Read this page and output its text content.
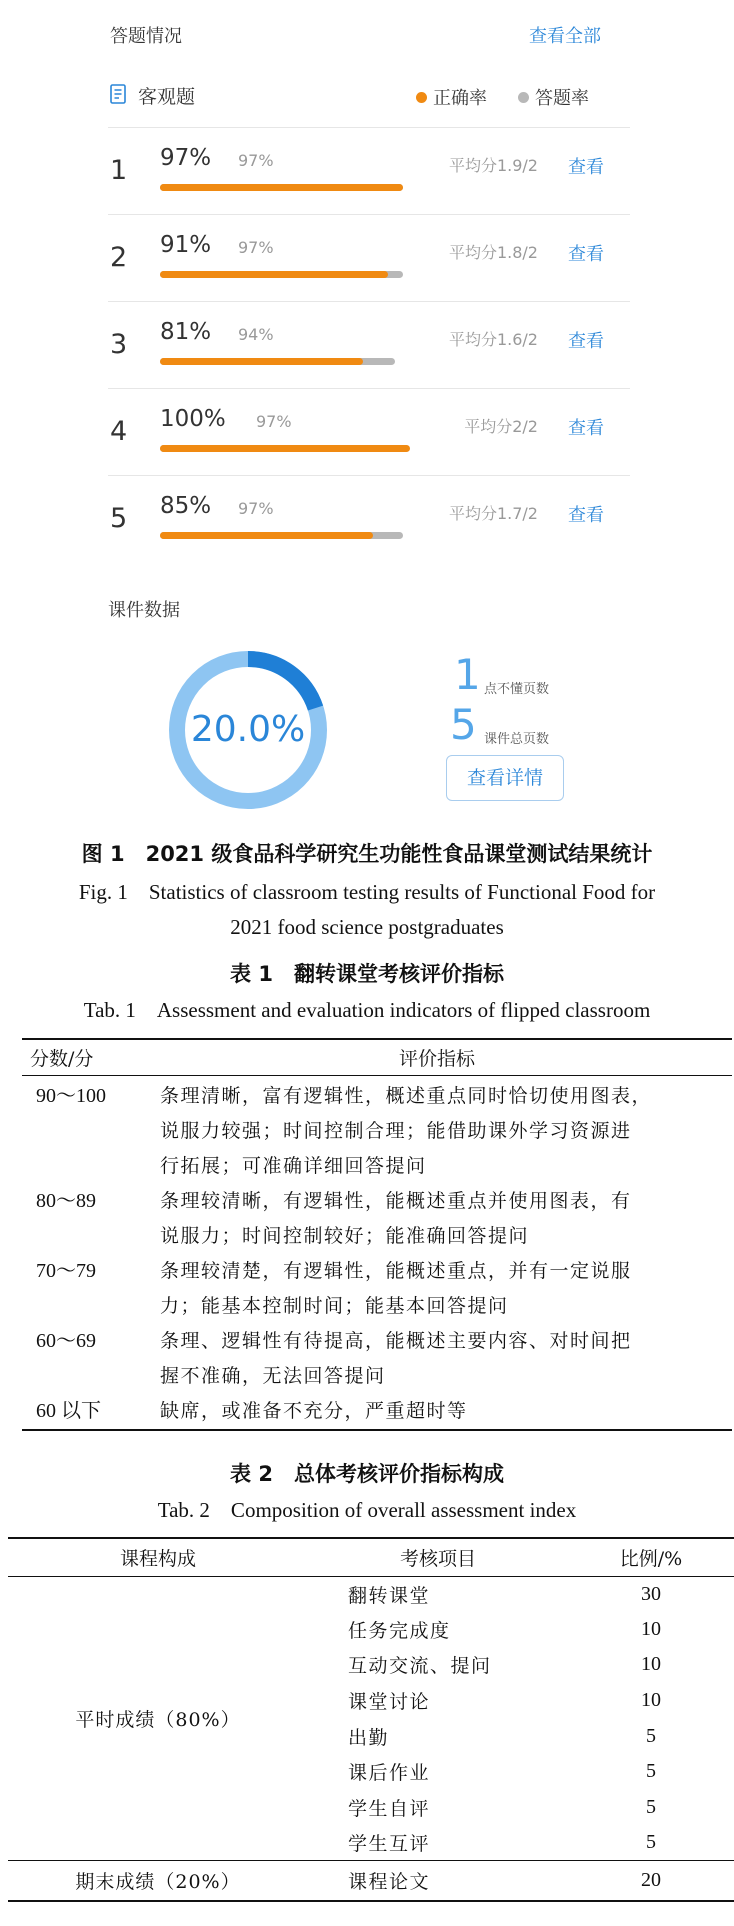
答题情况	查看全部
客观题	正确率	答题率
1 97% 97%	平均分1.9/2 查看
2 91% 97%	平均分1.8/2 查看
3 81% 94%	平均分1.6/2 查看
4 100% 97%	平均分2/2 查看
5 85% 97%	平均分1.7/2 查看
课件数据
20.0%
1 点不懂页数
5 课件总页数
查看详情
图 1　2021 级食品科学研究生功能性食品课堂测试结果统计
Fig. 1　Statistics of classroom testing results of Functional Food for
2021 food science postgraduates
表 1　翻转课堂考核评价指标
Tab. 1　Assessment and evaluation indicators of flipped classroom
分数/分	评价指标
90～100	条理清晰，富有逻辑性，概述重点同时恰切使用图表，
说服力较强；时间控制合理；能借助课外学习资源进
行拓展；可准确详细回答提问

80～89	条理较清晰，有逻辑性，能概述重点并使用图表，有
说服力；时间控制较好；能准确回答提问

70～79	条理较清楚，有逻辑性，能概述重点，并有一定说服
力；能基本控制时间；能基本回答提问

60～69	条理、逻辑性有待提高，能概述主要内容、对时间把
握不准确，无法回答提问

60 以下	缺席，或准备不充分，严重超时等
表 2　总体考核评价指标构成
Tab. 2　Composition of overall assessment index
课程构成	考核项目	比例/%
平时成绩（80%）	翻转课堂	30
	任务完成度	10
	互动交流、提问	10
	课堂讨论	10
	出勤	5
	课后作业	5
	学生自评	5
	学生互评	5
期末成绩（20%）	课程论文	20
